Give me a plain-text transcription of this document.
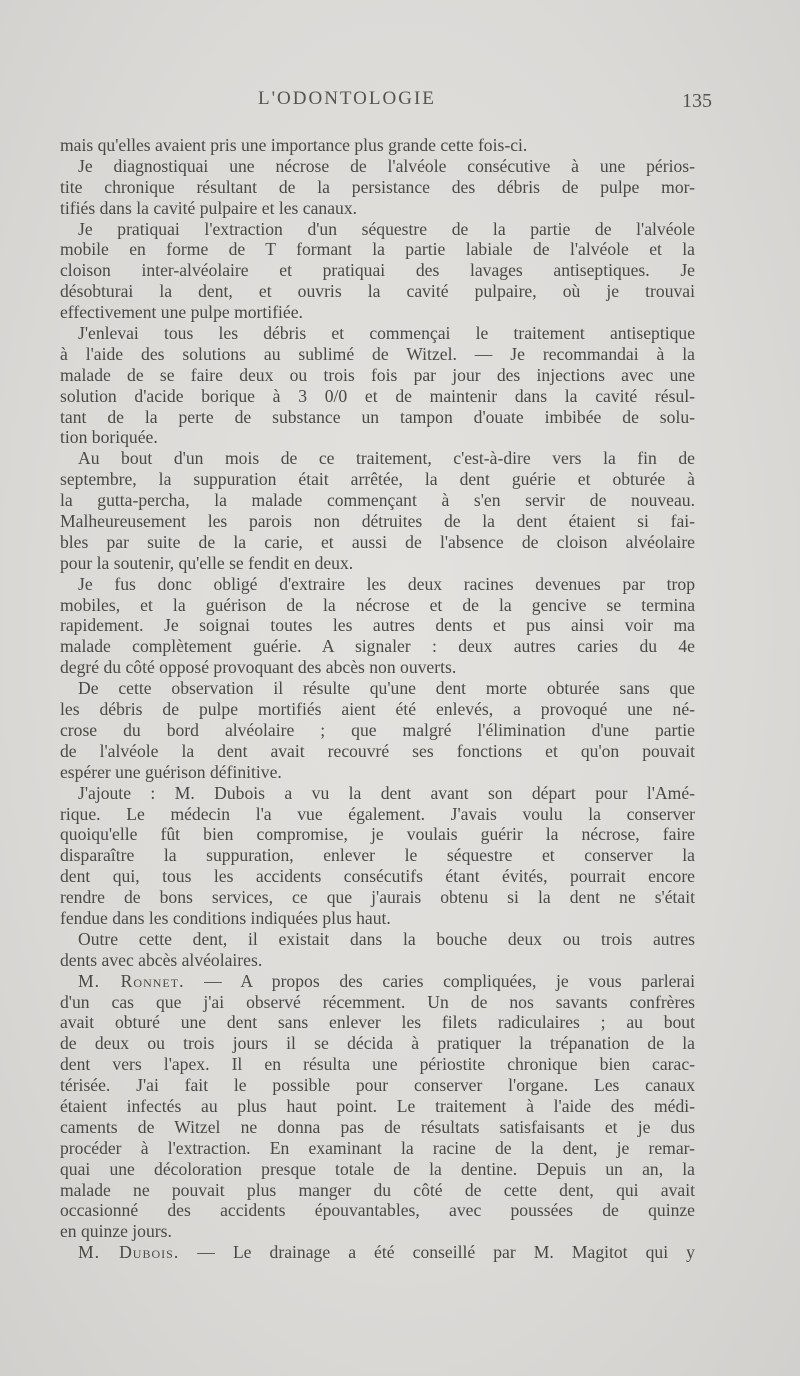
L'ODONTOLOGIE	135
mais qu'elles avaient pris une importance plus grande cette fois-ci.
Je diagnostiquai une nécrose de l'alvéole consécutive à une périos-
tite chronique résultant de la persistance des débris de pulpe mor-
tifiés dans la cavité pulpaire et les canaux.
Je pratiquai l'extraction d'un séquestre de la partie de l'alvéole
mobile en forme de T formant la partie labiale de l'alvéole et la
cloison inter-alvéolaire et pratiquai des lavages antiseptiques. Je
désobturai la dent, et ouvris la cavité pulpaire, où je trouvai
effectivement une pulpe mortifiée.
J'enlevai tous les débris et commençai le traitement antiseptique
à l'aide des solutions au sublimé de Witzel. — Je recommandai à la
malade de se faire deux ou trois fois par jour des injections avec une
solution d'acide borique à 3 0/0 et de maintenir dans la cavité résul-
tant de la perte de substance un tampon d'ouate imbibée de solu-
tion boriquée.
Au bout d'un mois de ce traitement, c'est-à-dire vers la fin de
septembre, la suppuration était arrêtée, la dent guérie et obturée à
la gutta-percha, la malade commençant à s'en servir de nouveau.
Malheureusement les parois non détruites de la dent étaient si fai-
bles par suite de la carie, et aussi de l'absence de cloison alvéolaire
pour la soutenir, qu'elle se fendit en deux.
Je fus donc obligé d'extraire les deux racines devenues par trop
mobiles, et la guérison de la nécrose et de la gencive se termina
rapidement. Je soignai toutes les autres dents et pus ainsi voir ma
malade complètement guérie. A signaler : deux autres caries du 4e
degré du côté opposé provoquant des abcès non ouverts.
De cette observation il résulte qu'une dent morte obturée sans que
les débris de pulpe mortifiés aient été enlevés, a provoqué une né-
crose du bord alvéolaire ; que malgré l'élimination d'une partie
de l'alvéole la dent avait recouvré ses fonctions et qu'on pouvait
espérer une guérison définitive.
J'ajoute : M. Dubois a vu la dent avant son départ pour l'Amé-
rique. Le médecin l'a vue également. J'avais voulu la conserver
quoiqu'elle fût bien compromise, je voulais guérir la nécrose, faire
disparaître la suppuration, enlever le séquestre et conserver la
dent qui, tous les accidents consécutifs étant évités, pourrait encore
rendre de bons services, ce que j'aurais obtenu si la dent ne s'était
fendue dans les conditions indiquées plus haut.
Outre cette dent, il existait dans la bouche deux ou trois autres
dents avec abcès alvéolaires.
M. Ronnet. — A propos des caries compliquées, je vous parlerai
d'un cas que j'ai observé récemment. Un de nos savants confrères
avait obturé une dent sans enlever les filets radiculaires ; au bout
de deux ou trois jours il se décida à pratiquer la trépanation de la
dent vers l'apex. Il en résulta une périostite chronique bien carac-
térisée. J'ai fait le possible pour conserver l'organe. Les canaux
étaient infectés au plus haut point. Le traitement à l'aide des médi-
caments de Witzel ne donna pas de résultats satisfaisants et je dus
procéder à l'extraction. En examinant la racine de la dent, je remar-
quai une décoloration presque totale de la dentine. Depuis un an, la
malade ne pouvait plus manger du côté de cette dent, qui avait
occasionné des accidents épouvantables, avec poussées de quinze
en quinze jours.
M. Dubois. — Le drainage a été conseillé par M. Magitot qui y
